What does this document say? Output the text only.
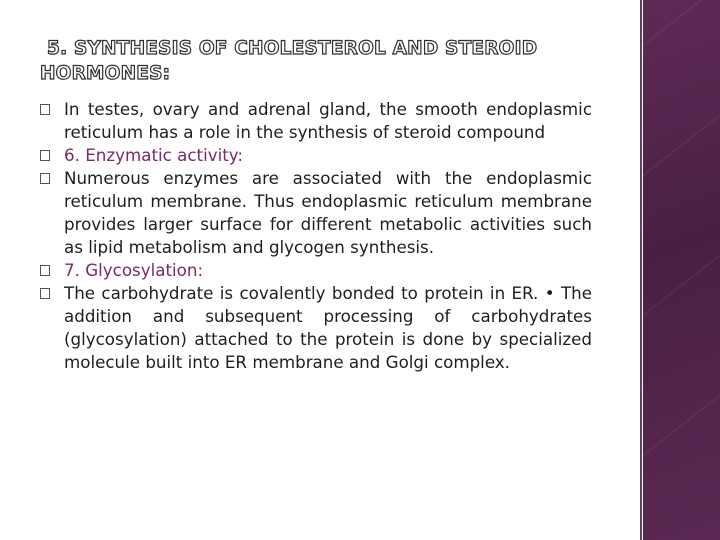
5. SYNTHESIS OF CHOLESTEROL AND STEROID
HORMONES:
In testes, ovary and adrenal gland, the smooth endoplasmic reticulum has a role in the synthesis of steroid compound
6. Enzymatic activity:
Numerous enzymes are associated with the endoplasmic reticulum membrane. Thus endoplasmic reticulum membrane provides larger surface for different metabolic activities such as lipid metabolism and glycogen synthesis.
7. Glycosylation:
The carbohydrate is covalently bonded to protein in ER. • The addition and subsequent processing of carbohydrates (glycosylation) attached to the protein is done by specialized molecule built into ER membrane and Golgi complex.
